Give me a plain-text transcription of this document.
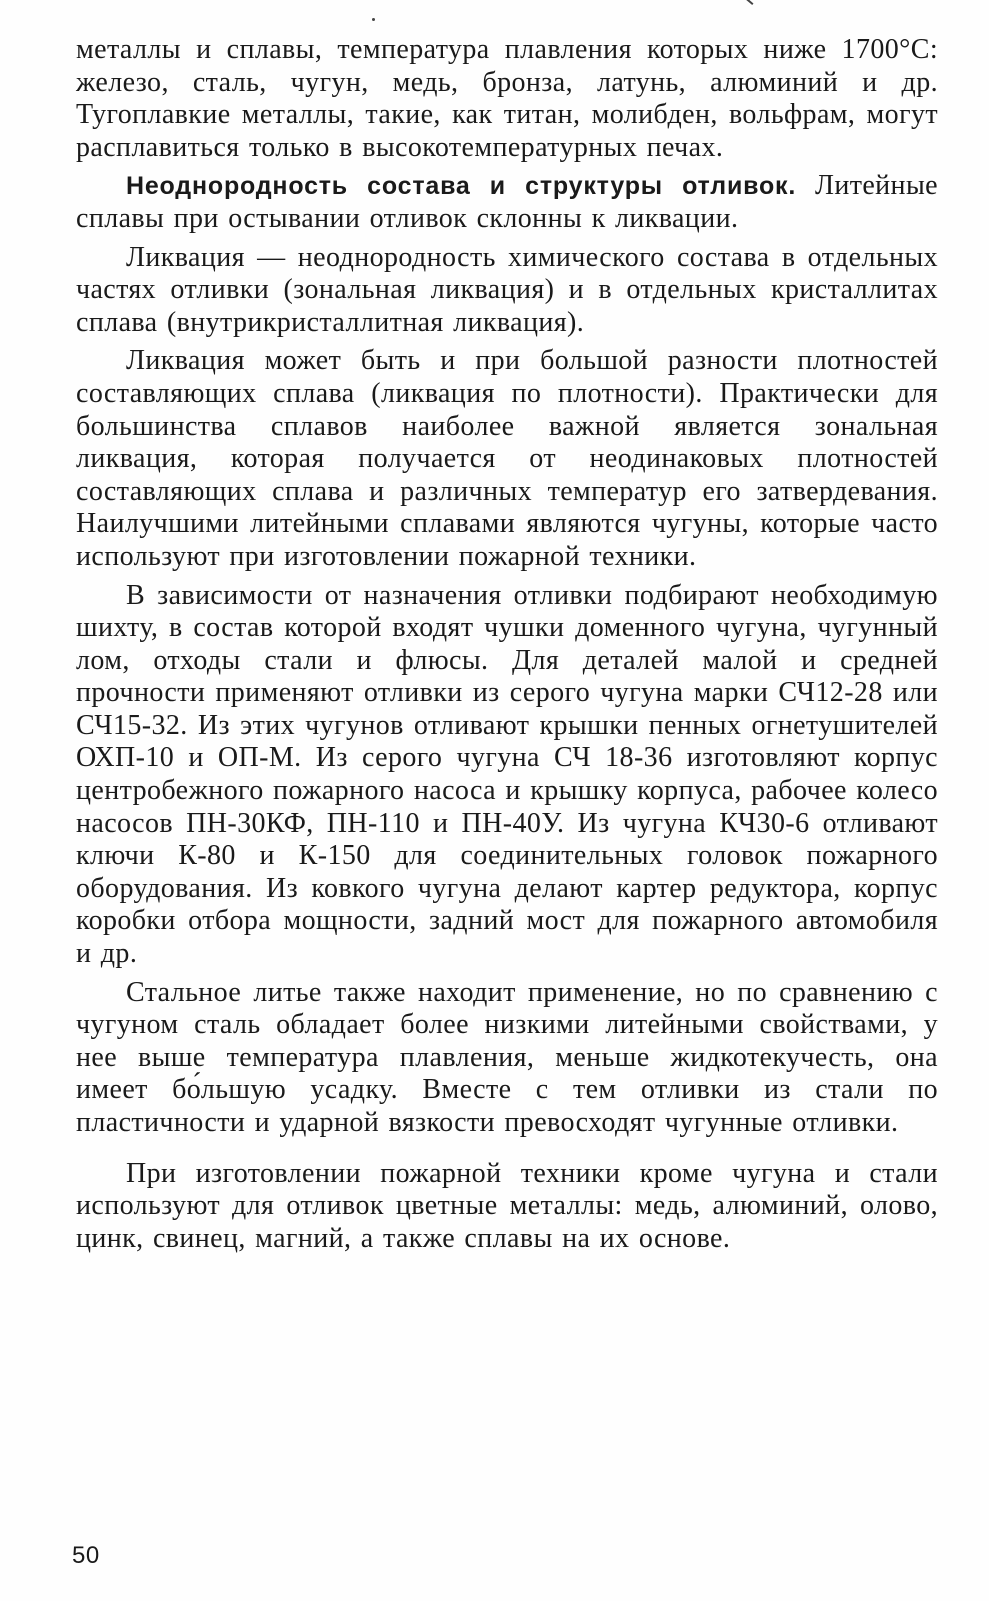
металлы и сплавы, температура плавления которых ниже 1700°С: железо, сталь, чугун, медь, бронза, латунь, алюминий и др. Тугоплавкие металлы, такие, как титан, молибден, вольфрам, могут расплавиться только в высокотемпературных печах.

Неоднородность состава и структуры отливок. Литейные сплавы при остывании отливок склонны к ликвации.

Ликвация — неоднородность химического состава в отдельных частях отливки (зональная ликвация) и в отдельных кристаллитах сплава (внутрикристаллитная ликвация).

Ликвация может быть и при большой разности плотностей составляющих сплава (ликвация по плотности). Практически для большинства сплавов наиболее важной является зональная ликвация, которая получается от неодинаковых плотностей составляющих сплава и различных температур его затвердевания. Наилучшими литейными сплавами являются чугуны, которые часто используют при изготовлении пожарной техники.

В зависимости от назначения отливки подбирают необходимую шихту, в состав которой входят чушки доменного чугуна, чугунный лом, отходы стали и флюсы. Для деталей малой и средней прочности применяют отливки из серого чугуна марки СЧ12-28 или СЧ15-32. Из этих чугунов отливают крышки пенных огнетушителей ОХП-10 и ОП-М. Из серого чугуна СЧ 18-36 изготовляют корпус центробежного пожарного насоса и крышку корпуса, рабочее колесо насосов ПН-30КФ, ПН-110 и ПН-40У. Из чугуна КЧ30-6 отливают ключи К-80 и К-150 для соединительных головок пожарного оборудования. Из ковкого чугуна делают картер редуктора, корпус коробки отбора мощности, задний мост для пожарного автомобиля и др.

Стальное литье также находит применение, но по сравнению с чугуном сталь обладает более низкими литейными свойствами, у нее выше температура плавления, меньше жидкотекучесть, она имеет бо́льшую усадку. Вместе с тем отливки из стали по пластичности и ударной вязкости превосходят чугунные отливки.

При изготовлении пожарной техники кроме чугуна и стали используют для отливок цветные металлы: медь, алюминий, олово, цинк, свинец, магний, а также сплавы на их основе.

50
